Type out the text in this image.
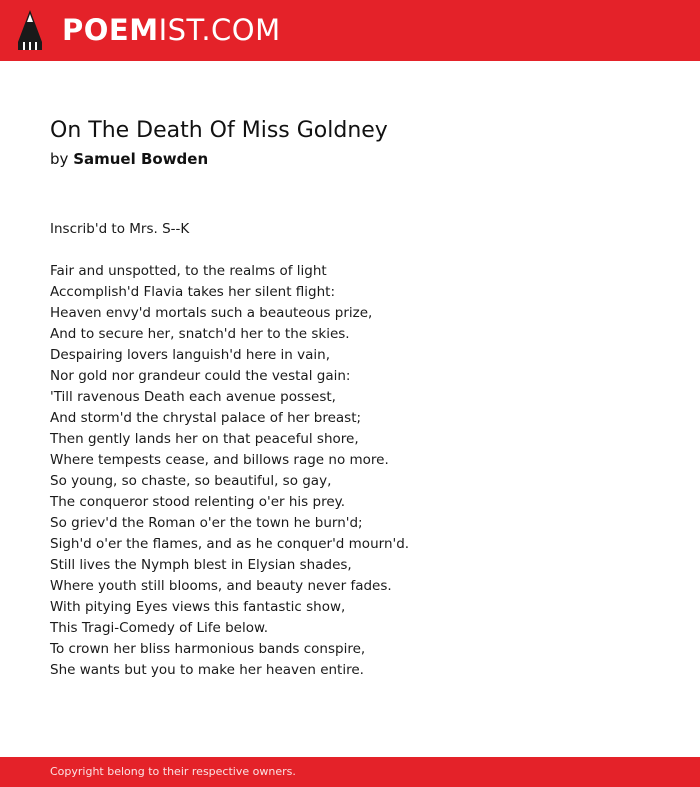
POEMIST.COM
On The Death Of Miss Goldney
by Samuel Bowden
Inscrib'd to Mrs. S--K
Fair and unspotted, to the realms of light
Accomplish'd Flavia takes her silent flight:
Heaven envy'd mortals such a beauteous prize,
And to secure her, snatch'd her to the skies.
Despairing lovers languish'd here in vain,
Nor gold nor grandeur could the vestal gain:
'Till ravenous Death each avenue possest,
And storm'd the chrystal palace of her breast;
Then gently lands her on that peaceful shore,
Where tempests cease, and billows rage no more.
So young, so chaste, so beautiful, so gay,
The conqueror stood relenting o'er his prey.
So griev'd the Roman o'er the town he burn'd;
Sigh'd o'er the flames, and as he conquer'd mourn'd.
Still lives the Nymph blest in Elysian shades,
Where youth still blooms, and beauty never fades.
With pitying Eyes views this fantastic show,
This Tragi-Comedy of Life below.
To crown her bliss harmonious bands conspire,
She wants but you to make her heaven entire.
Copyright belong to their respective owners.
